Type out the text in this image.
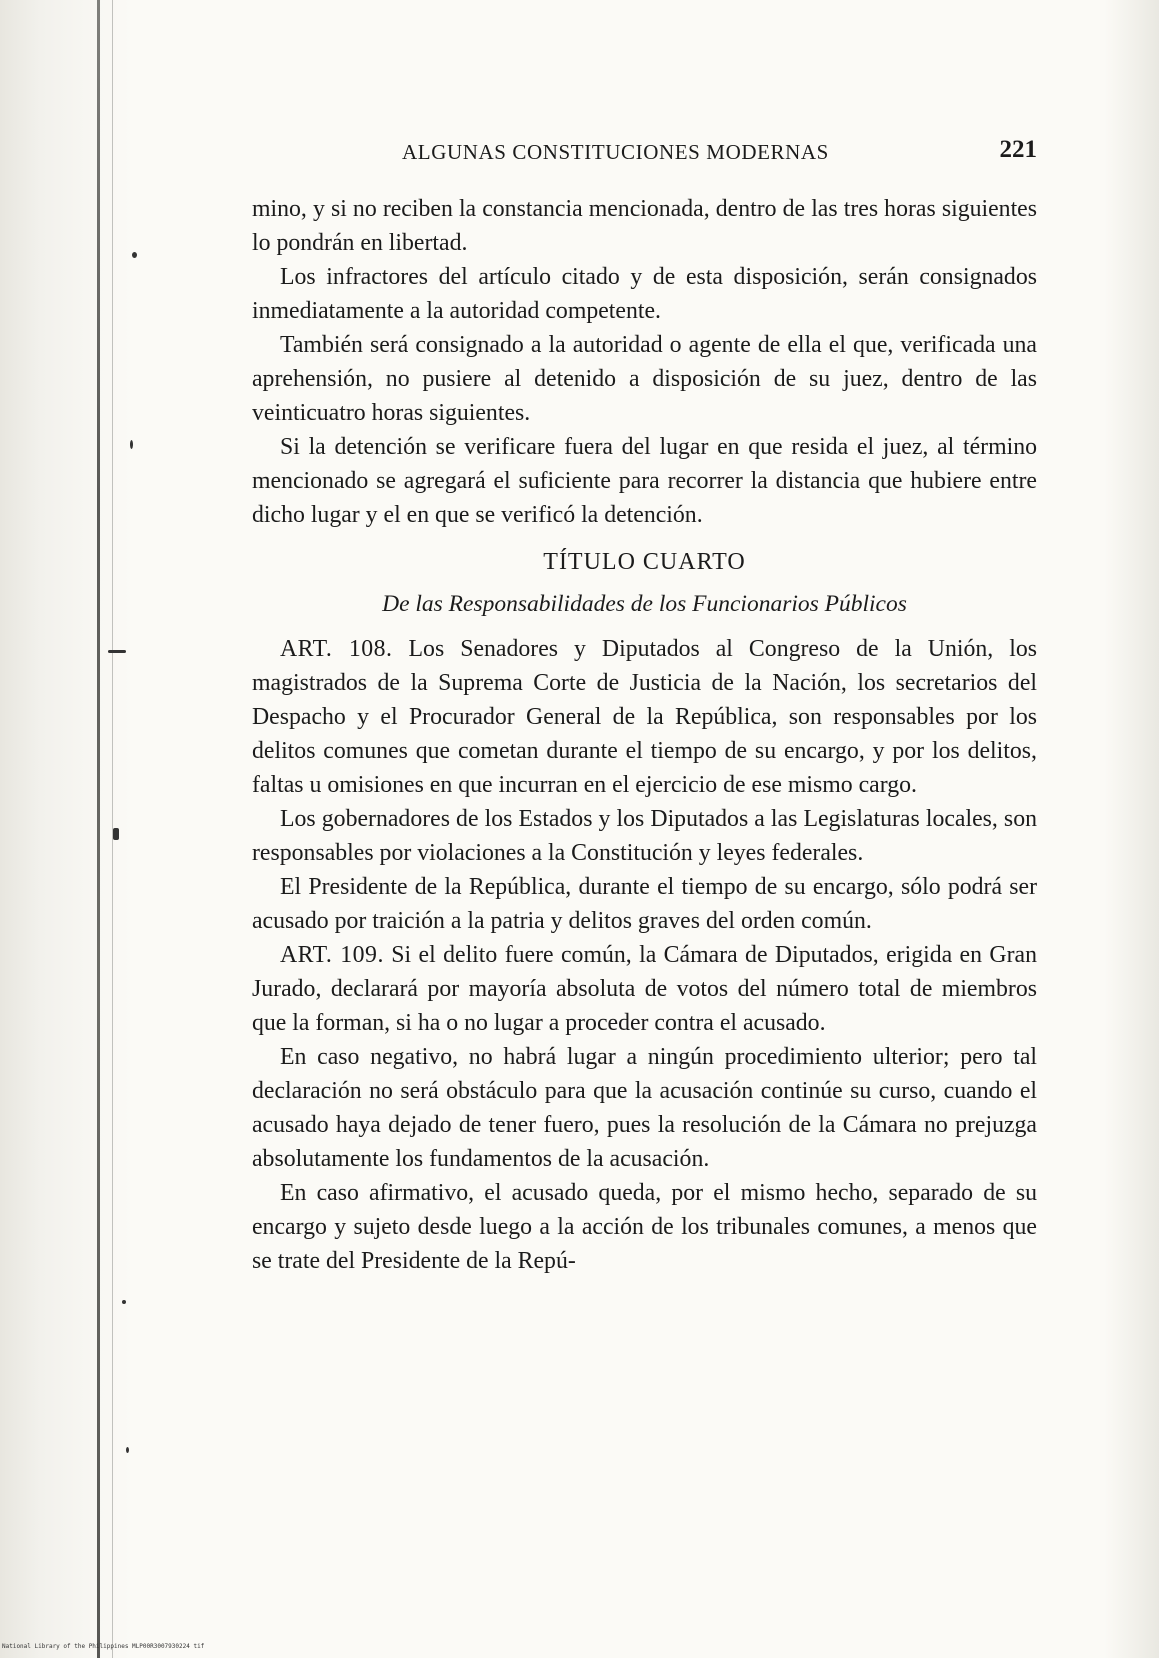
ALGUNAS CONSTITUCIONES MODERNAS	221

mino, y si no reciben la constancia mencionada, dentro de las tres horas siguientes lo pondrán en libertad.

Los infractores del artículo citado y de esta disposición, serán consignados inmediatamente a la autoridad competente.

También será consignado a la autoridad o agente de ella el que, verificada una aprehensión, no pusiere al detenido a disposición de su juez, dentro de las veinticuatro horas siguientes.

Si la detención se verificare fuera del lugar en que resida el juez, al término mencionado se agregará el suficiente para recorrer la distancia que hubiere entre dicho lugar y el en que se verificó la detención.

TÍTULO CUARTO
De las Responsabilidades de los Funcionarios Públicos

ART. 108. Los Senadores y Diputados al Congreso de la Unión, los magistrados de la Suprema Corte de Justicia de la Nación, los secretarios del Despacho y el Procurador General de la República, son responsables por los delitos comunes que cometan durante el tiempo de su encargo, y por los delitos, faltas u omisiones en que incurran en el ejercicio de ese mismo cargo.

Los gobernadores de los Estados y los Diputados a las Legislaturas locales, son responsables por violaciones a la Constitución y leyes federales.

El Presidente de la República, durante el tiempo de su encargo, sólo podrá ser acusado por traición a la patria y delitos graves del orden común.

ART. 109. Si el delito fuere común, la Cámara de Diputados, erigida en Gran Jurado, declarará por mayoría absoluta de votos del número total de miembros que la forman, si ha o no lugar a proceder contra el acusado.

En caso negativo, no habrá lugar a ningún procedimiento ulterior; pero tal declaración no será obstáculo para que la acusación continúe su curso, cuando el acusado haya dejado de tener fuero, pues la resolución de la Cámara no prejuzga absolutamente los fundamentos de la acusación.

En caso afirmativo, el acusado queda, por el mismo hecho, separado de su encargo y sujeto desde luego a la acción de los tribunales comunes, a menos que se trate del Presidente de la Repú-

National Library of the Philippines MLP00R3007930224 tif
